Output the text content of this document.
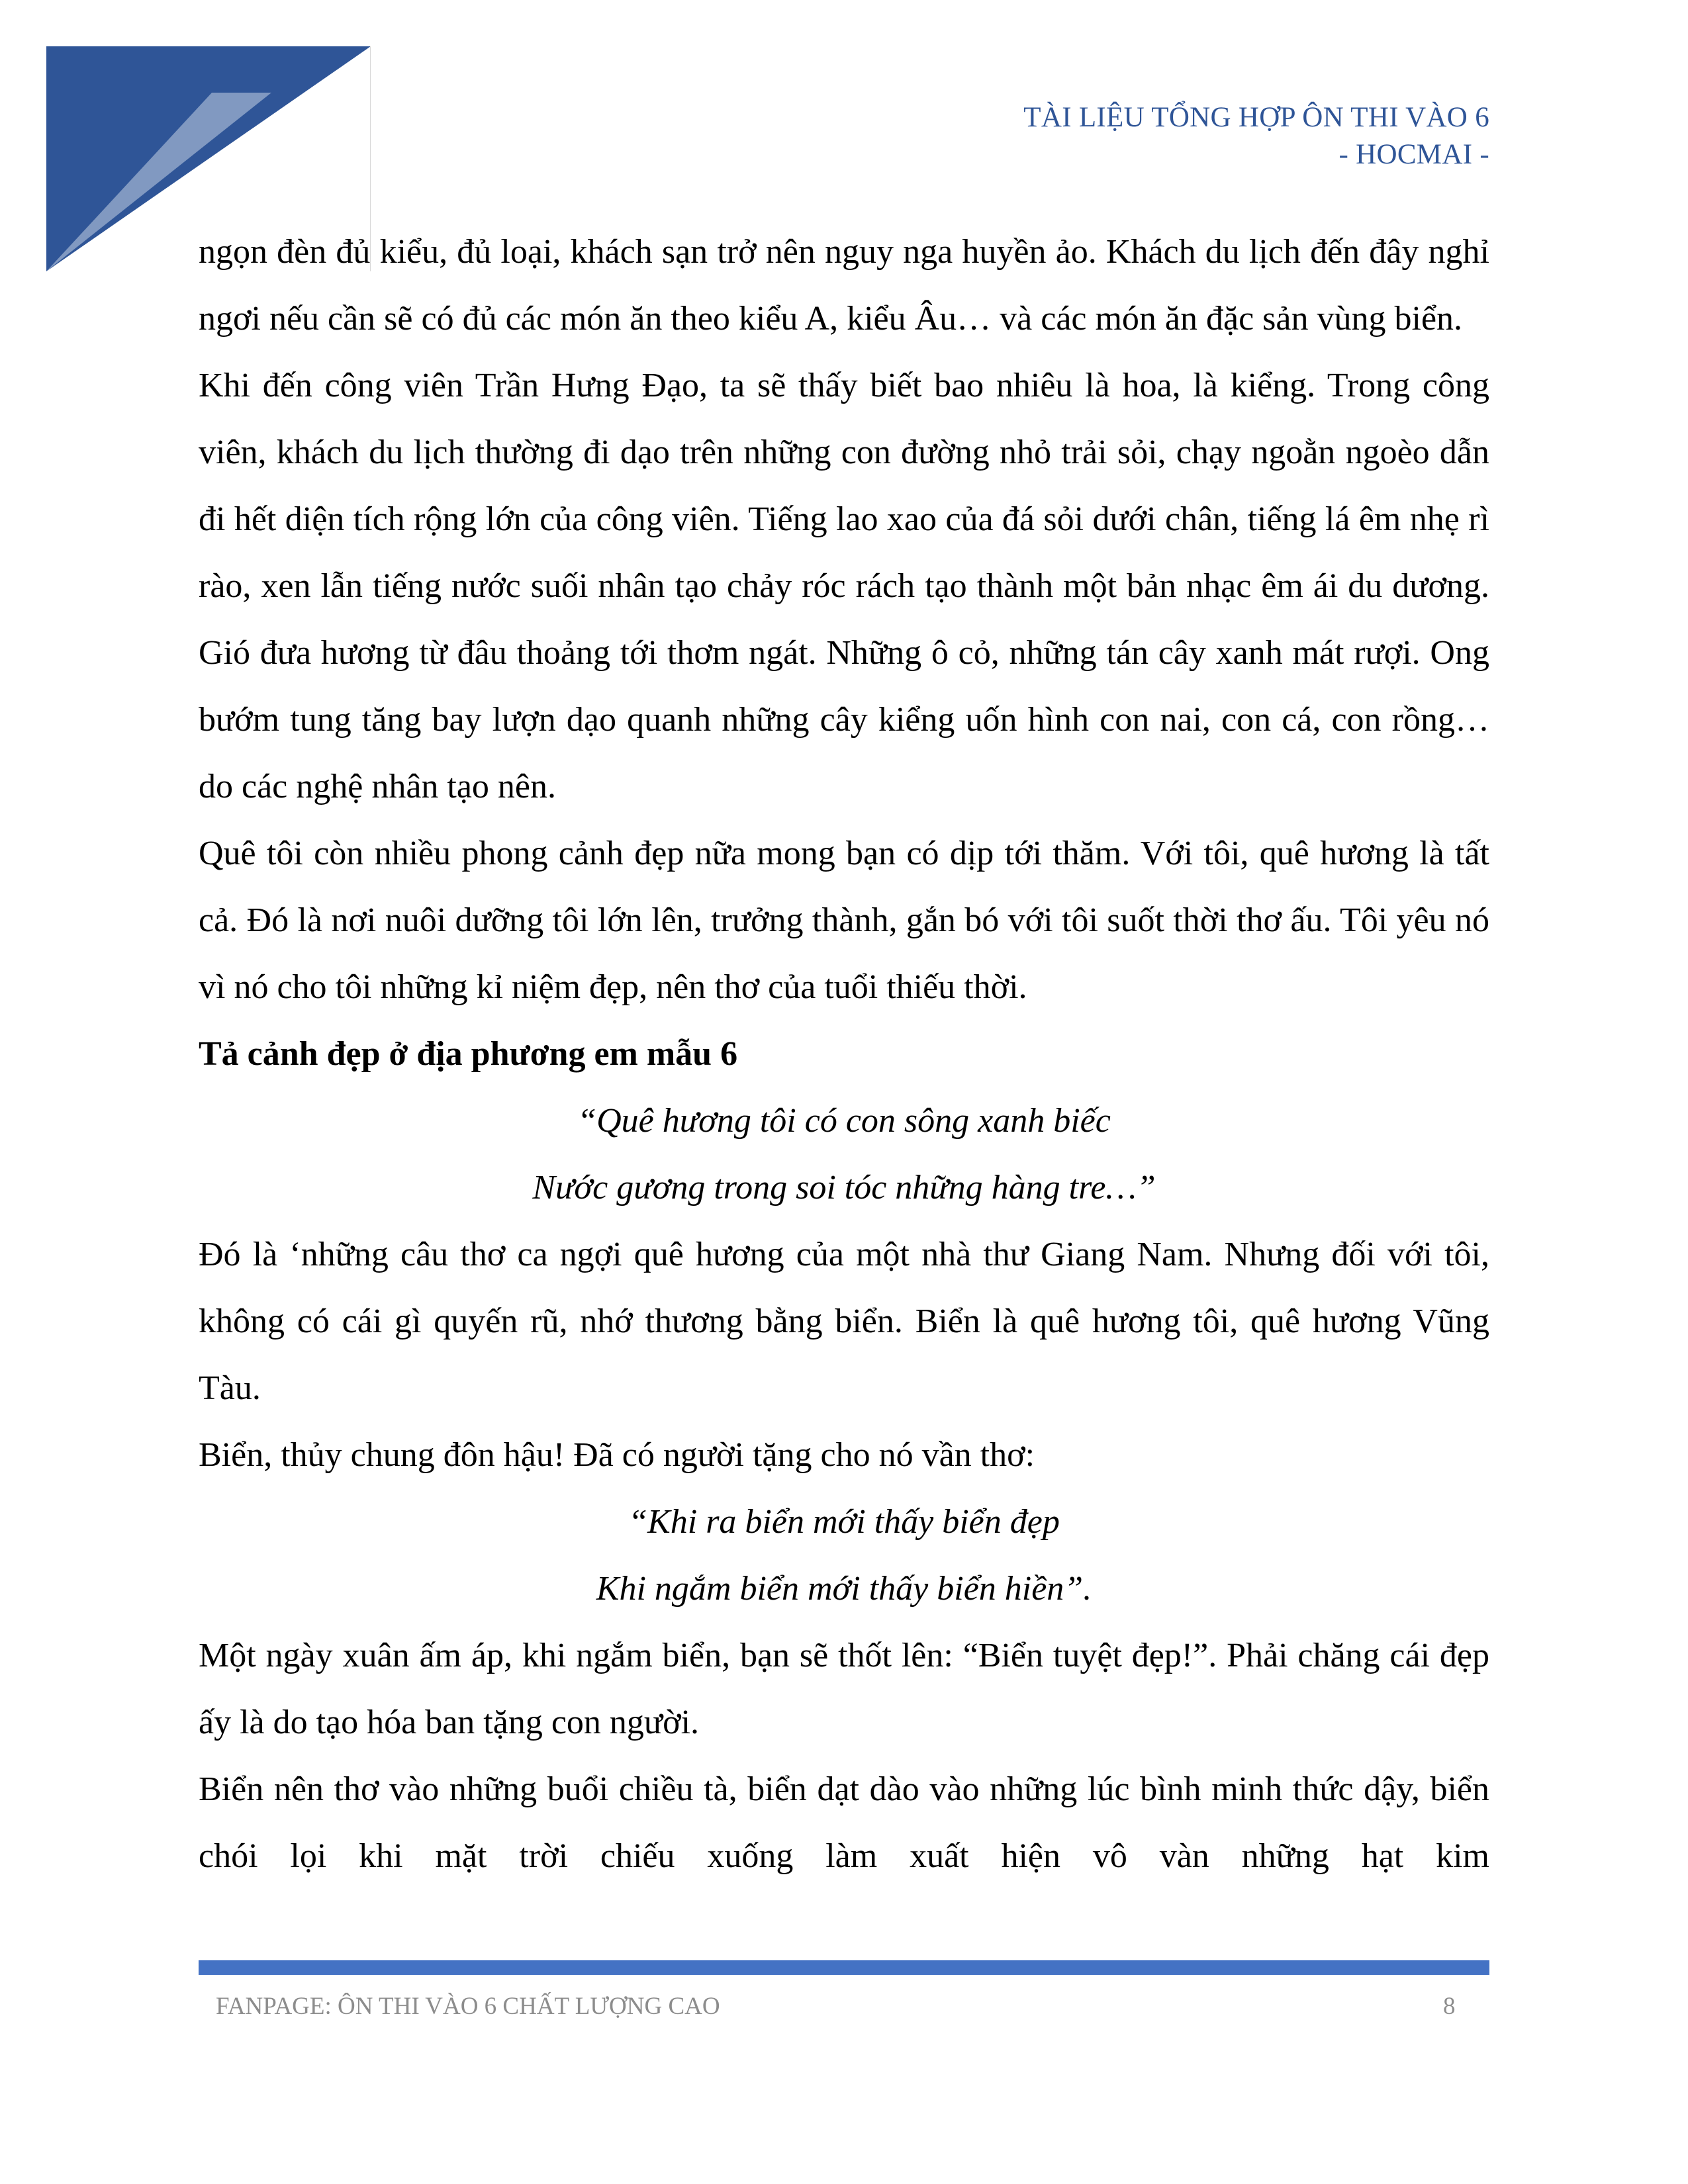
TÀI LIỆU TỔNG HỢP ÔN THI VÀO 6
- HOCMAI -

ngọn đèn đủ kiểu, đủ loại, khách sạn trở nên nguy nga huyền ảo. Khách du lịch đến đây nghỉ ngơi nếu cần sẽ có đủ các món ăn theo kiểu A, kiểu Âu… và các món ăn đặc sản vùng biển.

Khi đến công viên Trần Hưng Đạo, ta sẽ thấy biết bao nhiêu là hoa, là kiểng. Trong công viên, khách du lịch thường đi dạo trên những con đường nhỏ trải sỏi, chạy ngoằn ngoèo dẫn đi hết diện tích rộng lớn của công viên. Tiếng lao xao của đá sỏi dưới chân, tiếng lá êm nhẹ rì rào, xen lẫn tiếng nước suối nhân tạo chảy róc rách tạo thành một bản nhạc êm ái du dương. Gió đưa hương từ đâu thoảng tới thơm ngát. Những ô cỏ, những tán cây xanh mát rượi. Ong bướm tung tăng bay lượn dạo quanh những cây kiểng uốn hình con nai, con cá, con rồng… do các nghệ nhân tạo nên.

Quê tôi còn nhiều phong cảnh đẹp nữa mong bạn có dịp tới thăm. Với tôi, quê hương là tất cả. Đó là nơi nuôi dưỡng tôi lớn lên, trưởng thành, gắn bó với tôi suốt thời thơ ấu. Tôi yêu nó vì nó cho tôi những kỉ niệm đẹp, nên thơ của tuổi thiếu thời.

Tả cảnh đẹp ở địa phương em mẫu 6
“Quê hương tôi có con sông xanh biếc
Nước gương trong soi tóc những hàng tre…”

Đó là ‘những câu thơ ca ngợi quê hương của một nhà thư Giang Nam. Nhưng đối với tôi, không có cái gì quyến rũ, nhớ thương bằng biển. Biển là quê hương tôi, quê hương Vũng Tàu.

Biển, thủy chung đôn hậu! Đã có người tặng cho nó vần thơ:

“Khi ra biển mới thấy biển đẹp
Khi ngắm biển mới thấy biển hiền”.

Một ngày xuân ấm áp, khi ngắm biển, bạn sẽ thốt lên: “Biển tuyệt đẹp!”. Phải chăng cái đẹp ấy là do tạo hóa ban tặng con người.

Biển nên thơ vào những buổi chiều tà, biển dạt dào vào những lúc bình minh thức dậy, biển chói lọi khi mặt trời chiếu xuống làm xuất hiện vô vàn những hạt kim

FANPAGE: ÔN THI VÀO 6 CHẤT LƯỢNG CAO	8
